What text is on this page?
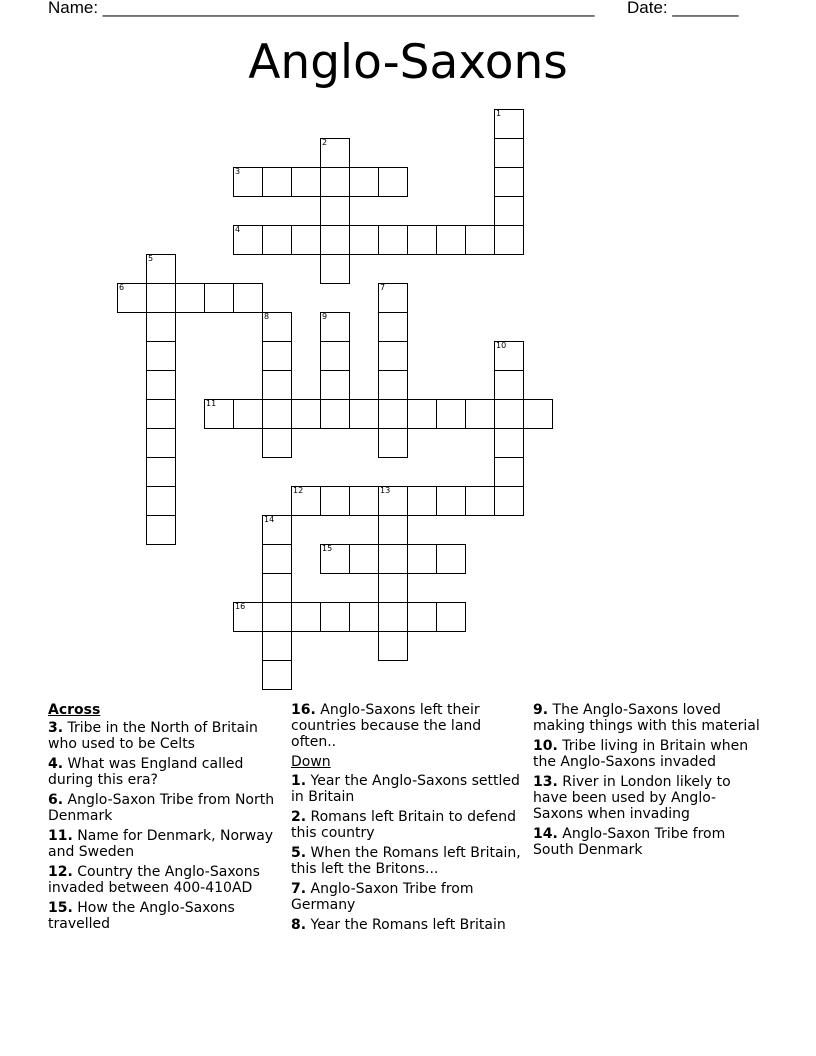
Name: ____________________________________________________ Date: _______
Anglo-Saxons
1
2
3
4
5
6	7
8	9
10
11
12	13
14
16
15
Across
3. Tribe in the North of Britain who used to be Celts
4. What was England called during this era?
6. Anglo-Saxon Tribe from North Denmark
11. Name for Denmark, Norway and Sweden
12. Country the Anglo-Saxons invaded between 400-410AD
15. How the Anglo-Saxons travelled
16. Anglo-Saxons left their countries because the land often..
Down
1. Year the Anglo-Saxons settled in Britain
2. Romans left Britain to defend this country
5. When the Romans left Britain, this left the Britons...
7. Anglo-Saxon Tribe from Germany
8. Year the Romans left Britain
9. The Anglo-Saxons loved making things with this material
10. Tribe living in Britain when the Anglo-Saxons invaded
13. River in London likely to have been used by Anglo-Saxons when invading
14. Anglo-Saxon Tribe from South Denmark
